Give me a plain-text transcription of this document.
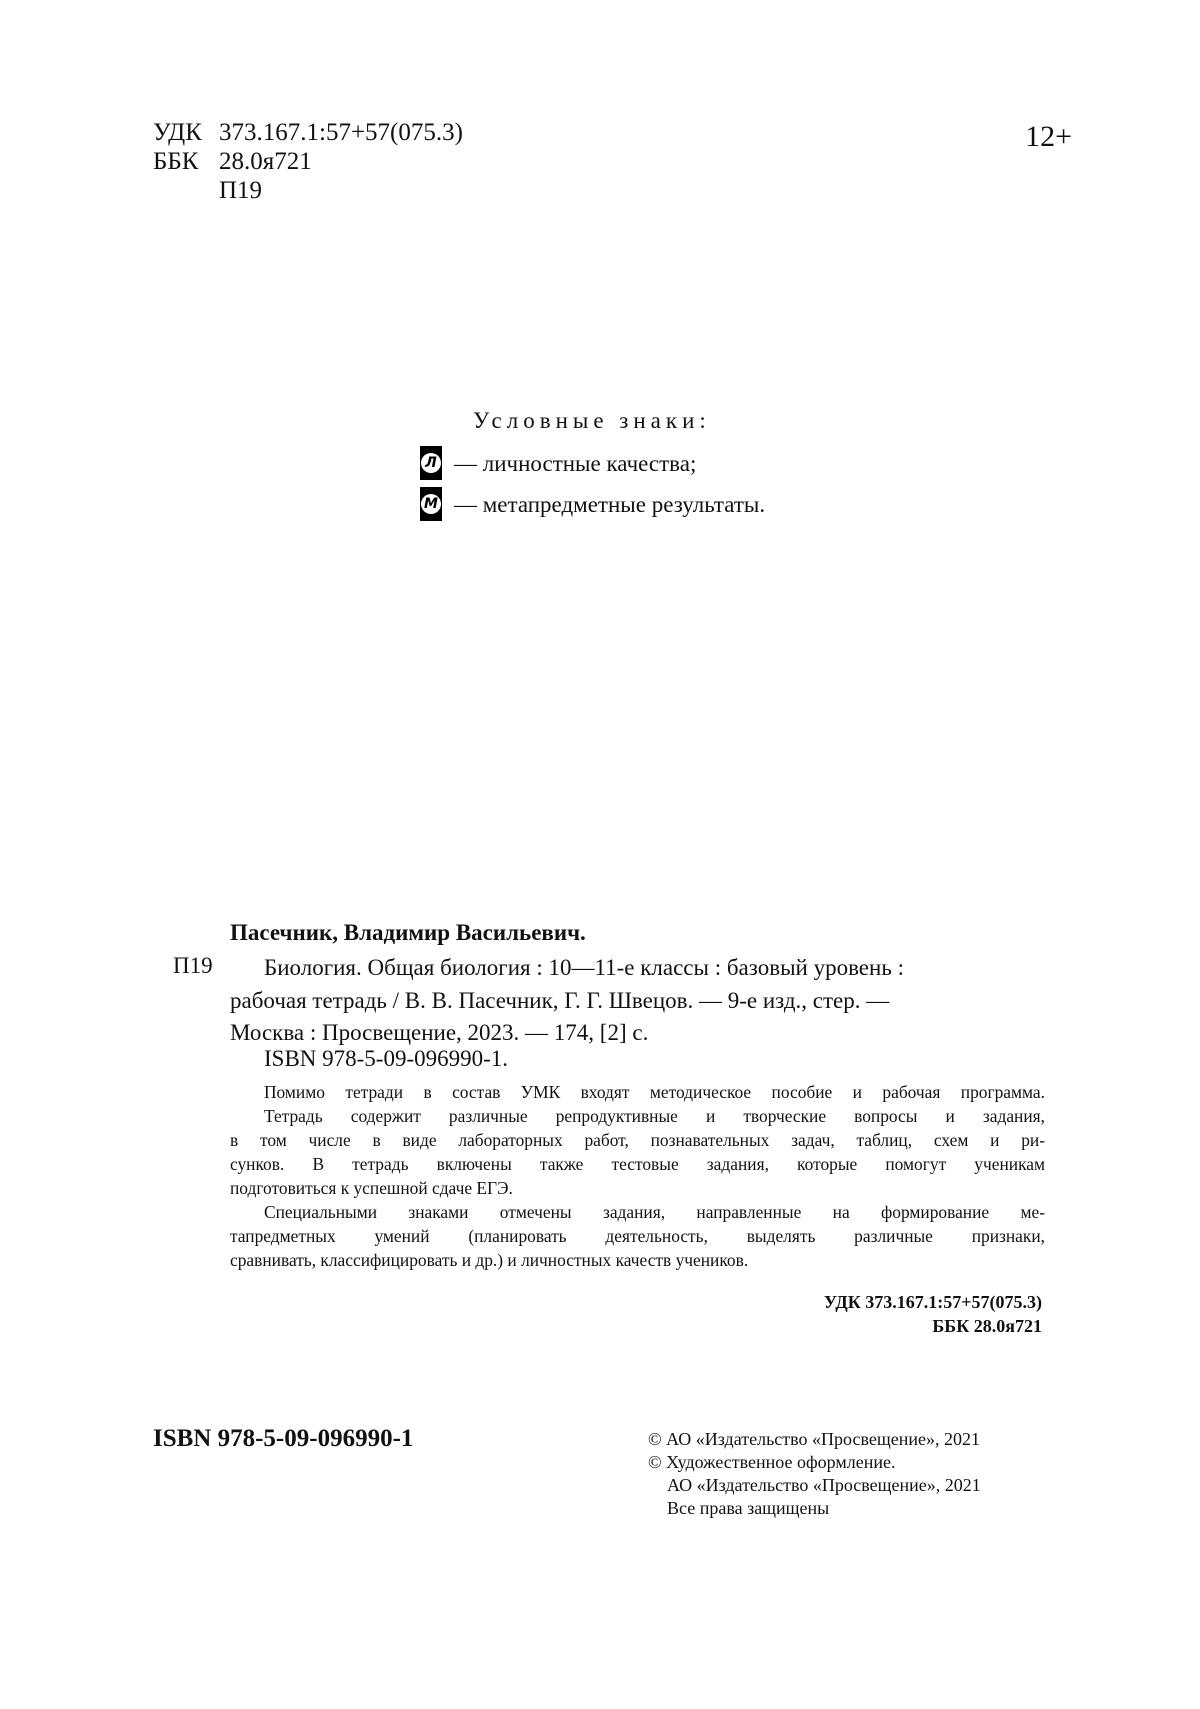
УДК 373.167.1:57+57(075.3)
ББК 28.0я721
П19
12+
Условные знаки:
Л — личностные качества;
М — метапредметные результаты.
Пасечник, Владимир Васильевич.
П19 Биология. Общая биология : 10—11-е классы : базовый уровень :
рабочая тетрадь / В. В. Пасечник, Г. Г. Швецов. — 9-е изд., стер. —
Москва : Просвещение, 2023. — 174, [2] с.
ISBN 978-5-09-096990-1.
Помимо тетради в состав УМК входят методическое пособие и рабочая программа.
Тетрадь содержит различные репродуктивные и творческие вопросы и задания,
в том числе в виде лабораторных работ, познавательных задач, таблиц, схем и ри-
сунков. В тетрадь включены также тестовые задания, которые помогут ученикам
подготовиться к успешной сдаче ЕГЭ.
Специальными знаками отмечены задания, направленные на формирование ме-
тапредметных умений (планировать деятельность, выделять различные признаки,
сравнивать, классифицировать и др.) и личностных качеств учеников.
УДК 373.167.1:57+57(075.3)
ББК 28.0я721
ISBN 978-5-09-096990-1	© АО «Издательство «Просвещение», 2021
© Художественное оформление.
АО «Издательство «Просвещение», 2021
Все права защищены
